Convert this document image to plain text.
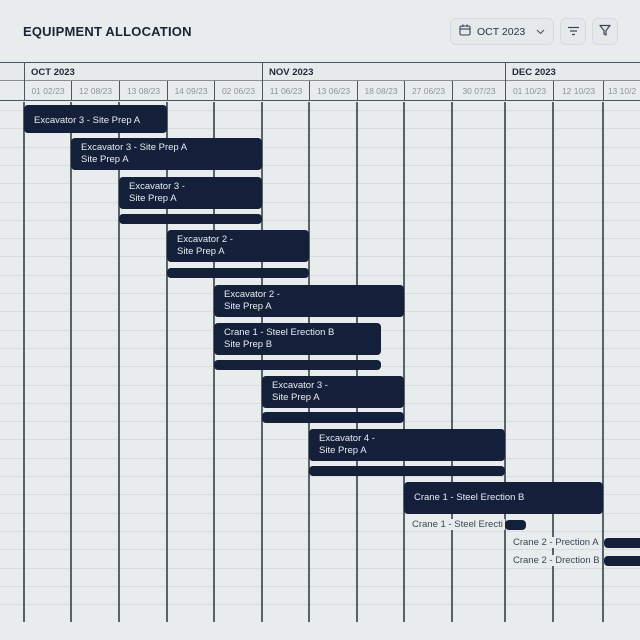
EQUIPMENT ALLOCATION	OCT 2023
OCT 2023	NOV 2023	DEC 2023
01 02/23	12 08/23	13 08/23	14 09/23	02 06/23	11 06/23	13 06/23	18 08/23	27 06/23	30 07/23	01 10/23	12 10/23	13 10/2
Excavator 3 - Site Prep A
Excavator 3 - Site Prep A
Site Prep A
Excavator 3 -
Site Prep A
Excavator 2 -
Site Prep A
Excavator 2 -
Site Prep A
Crane 1 - Steel Erection B
Site Prep B
Excavator 3 -
Site Prep A
Excavator 4 -
Site Prep A
Crane 1 - Steel Erection B
Crane 1 - Steel Erecti
Crane 2 - Prection A
Crane 2 - Drection B
